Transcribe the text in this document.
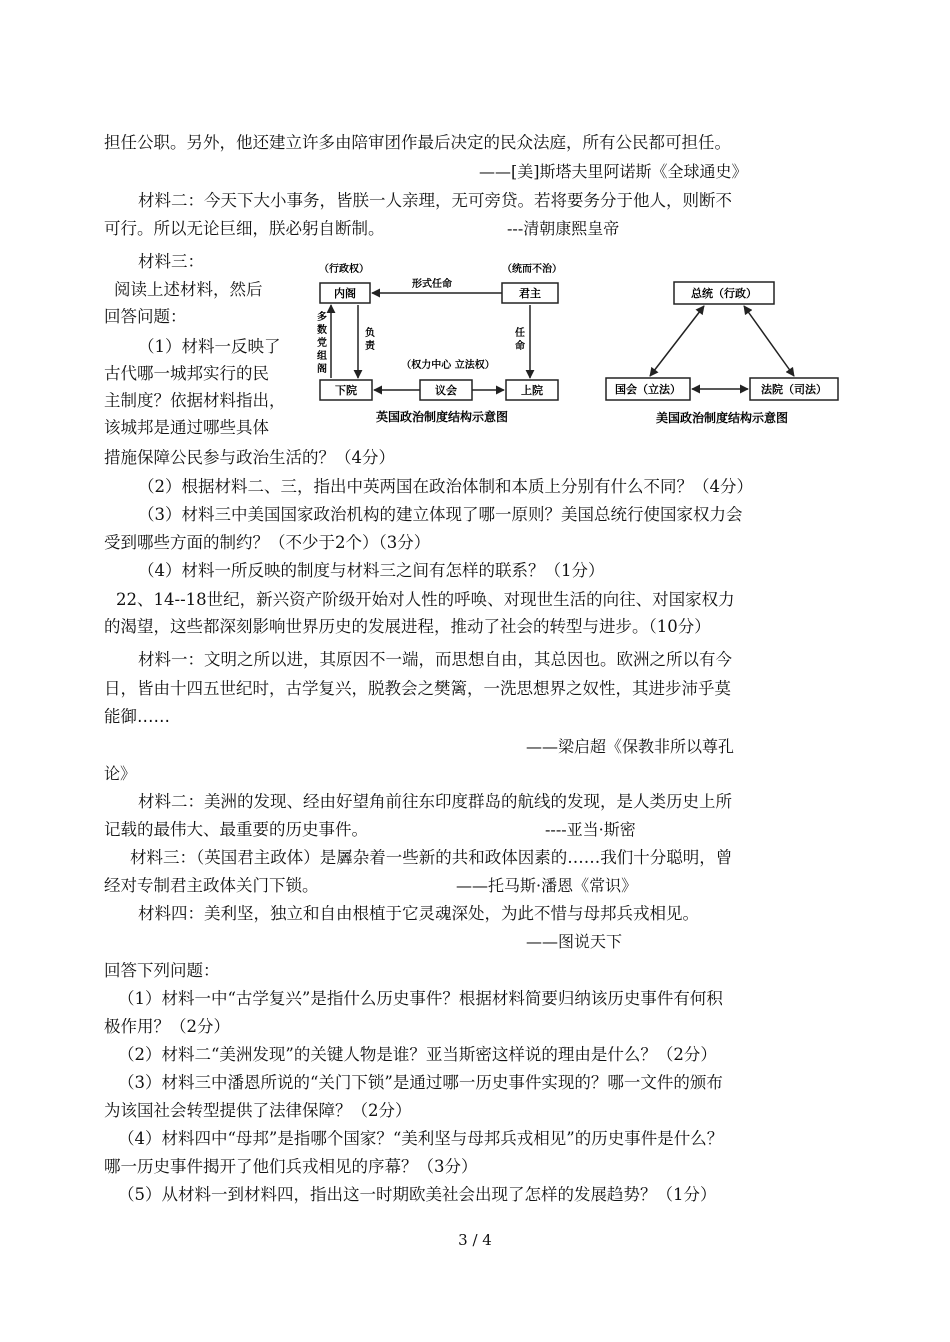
担任公职。另外，他还建立许多由陪审团作最后决定的民众法庭，所有公民都可担任。
——[美]斯塔夫里阿诺斯《全球通史》
材料二：今天下大小事务，皆朕一人亲理，无可旁贷。若将要务分于他人，则断不
可行。所以无论巨细，朕必躬自断制。	---清朝康熙皇帝
材料三：
阅读上述材料，然后
回答问题：
（1）材料一反映了
古代哪一城邦实行的民
主制度？依据材料指出，
该城邦是通过哪些具体
措施保障公民参与政治生活的？（4分）
（行政权）	（统而不治）
内阁	君主
形式任命
多数党组阁
负责
任命
（权力中心 立法权）
下院	议会	上院
英国政治制度结构示意图
总统（行政）
国会（立法）	法院（司法）
美国政治制度结构示意图
（2）根据材料二、三，指出中英两国在政治体制和本质上分别有什么不同？（4分）
（3）材料三中美国国家政治机构的建立体现了哪一原则？美国总统行使国家权力会
受到哪些方面的制约？（不少于2个）（3分）
（4）材料一所反映的制度与材料三之间有怎样的联系？（1分）
22、14--18世纪，新兴资产阶级开始对人性的呼唤、对现世生活的向往、对国家权力
的渴望，这些都深刻影响世界历史的发展进程，推动了社会的转型与进步。（10分）
材料一：文明之所以进，其原因不一端，而思想自由，其总因也。欧洲之所以有今
日，皆由十四五世纪时，古学复兴，脱教会之樊篱，一洗思想界之奴性，其进步沛乎莫
能御……
——梁启超《保教非所以尊孔
论》
材料二：美洲的发现、经由好望角前往东印度群岛的航线的发现，是人类历史上所
记载的最伟大、最重要的历史事件。	----亚当·斯密
材料三：（英国君主政体）是羼杂着一些新的共和政体因素的……我们十分聪明，曾
经对专制君主政体关门下锁。	——托马斯·潘恩《常识》
材料四：美利坚，独立和自由根植于它灵魂深处，为此不惜与母邦兵戎相见。
——图说天下
回答下列问题：
（1）材料一中“古学复兴”是指什么历史事件？根据材料简要归纳该历史事件有何积
极作用？（2分）
（2）材料二“美洲发现”的关键人物是谁？亚当斯密这样说的理由是什么？（2分）
（3）材料三中潘恩所说的“关门下锁”是通过哪一历史事件实现的？哪一文件的颁布
为该国社会转型提供了法律保障？（2分）
（4）材料四中“母邦”是指哪个国家？“美利坚与母邦兵戎相见”的历史事件是什么？
哪一历史事件揭开了他们兵戎相见的序幕？（3分）
（5）从材料一到材料四，指出这一时期欧美社会出现了怎样的发展趋势？（1分）
3 / 4
